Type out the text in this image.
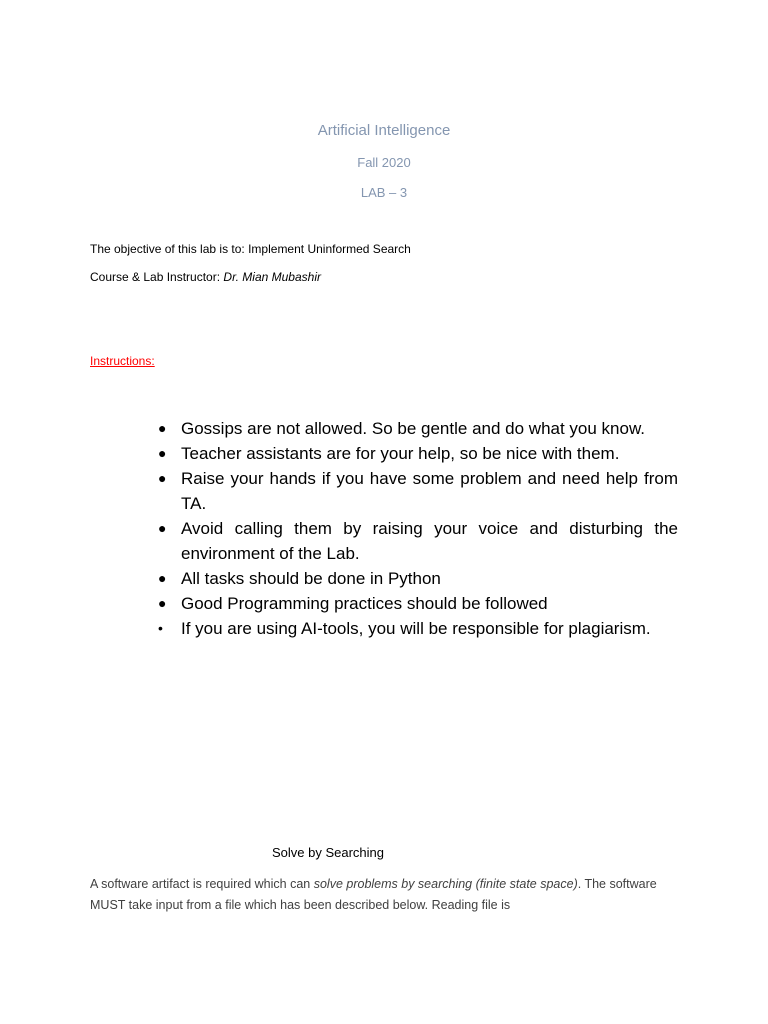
Artificial Intelligence
Fall 2020
LAB – 3
The objective of this lab is to: Implement Uninformed Search
Course & Lab Instructor: Dr. Mian Mubashir
Instructions:
● Gossips are not allowed. So be gentle and do what you know.
● Teacher assistants are for your help, so be nice with them.
● Raise your hands if you have some problem and need help from TA.
● Avoid calling them by raising your voice and disturbing the environment of the Lab.
● All tasks should be done in Python
● Good Programming practices should be followed
• If you are using AI-tools, you will be responsible for plagiarism.
Solve by Searching
A software artifact is required which can solve problems by searching (finite state space). The software MUST take input from a file which has been described below. Reading file is
